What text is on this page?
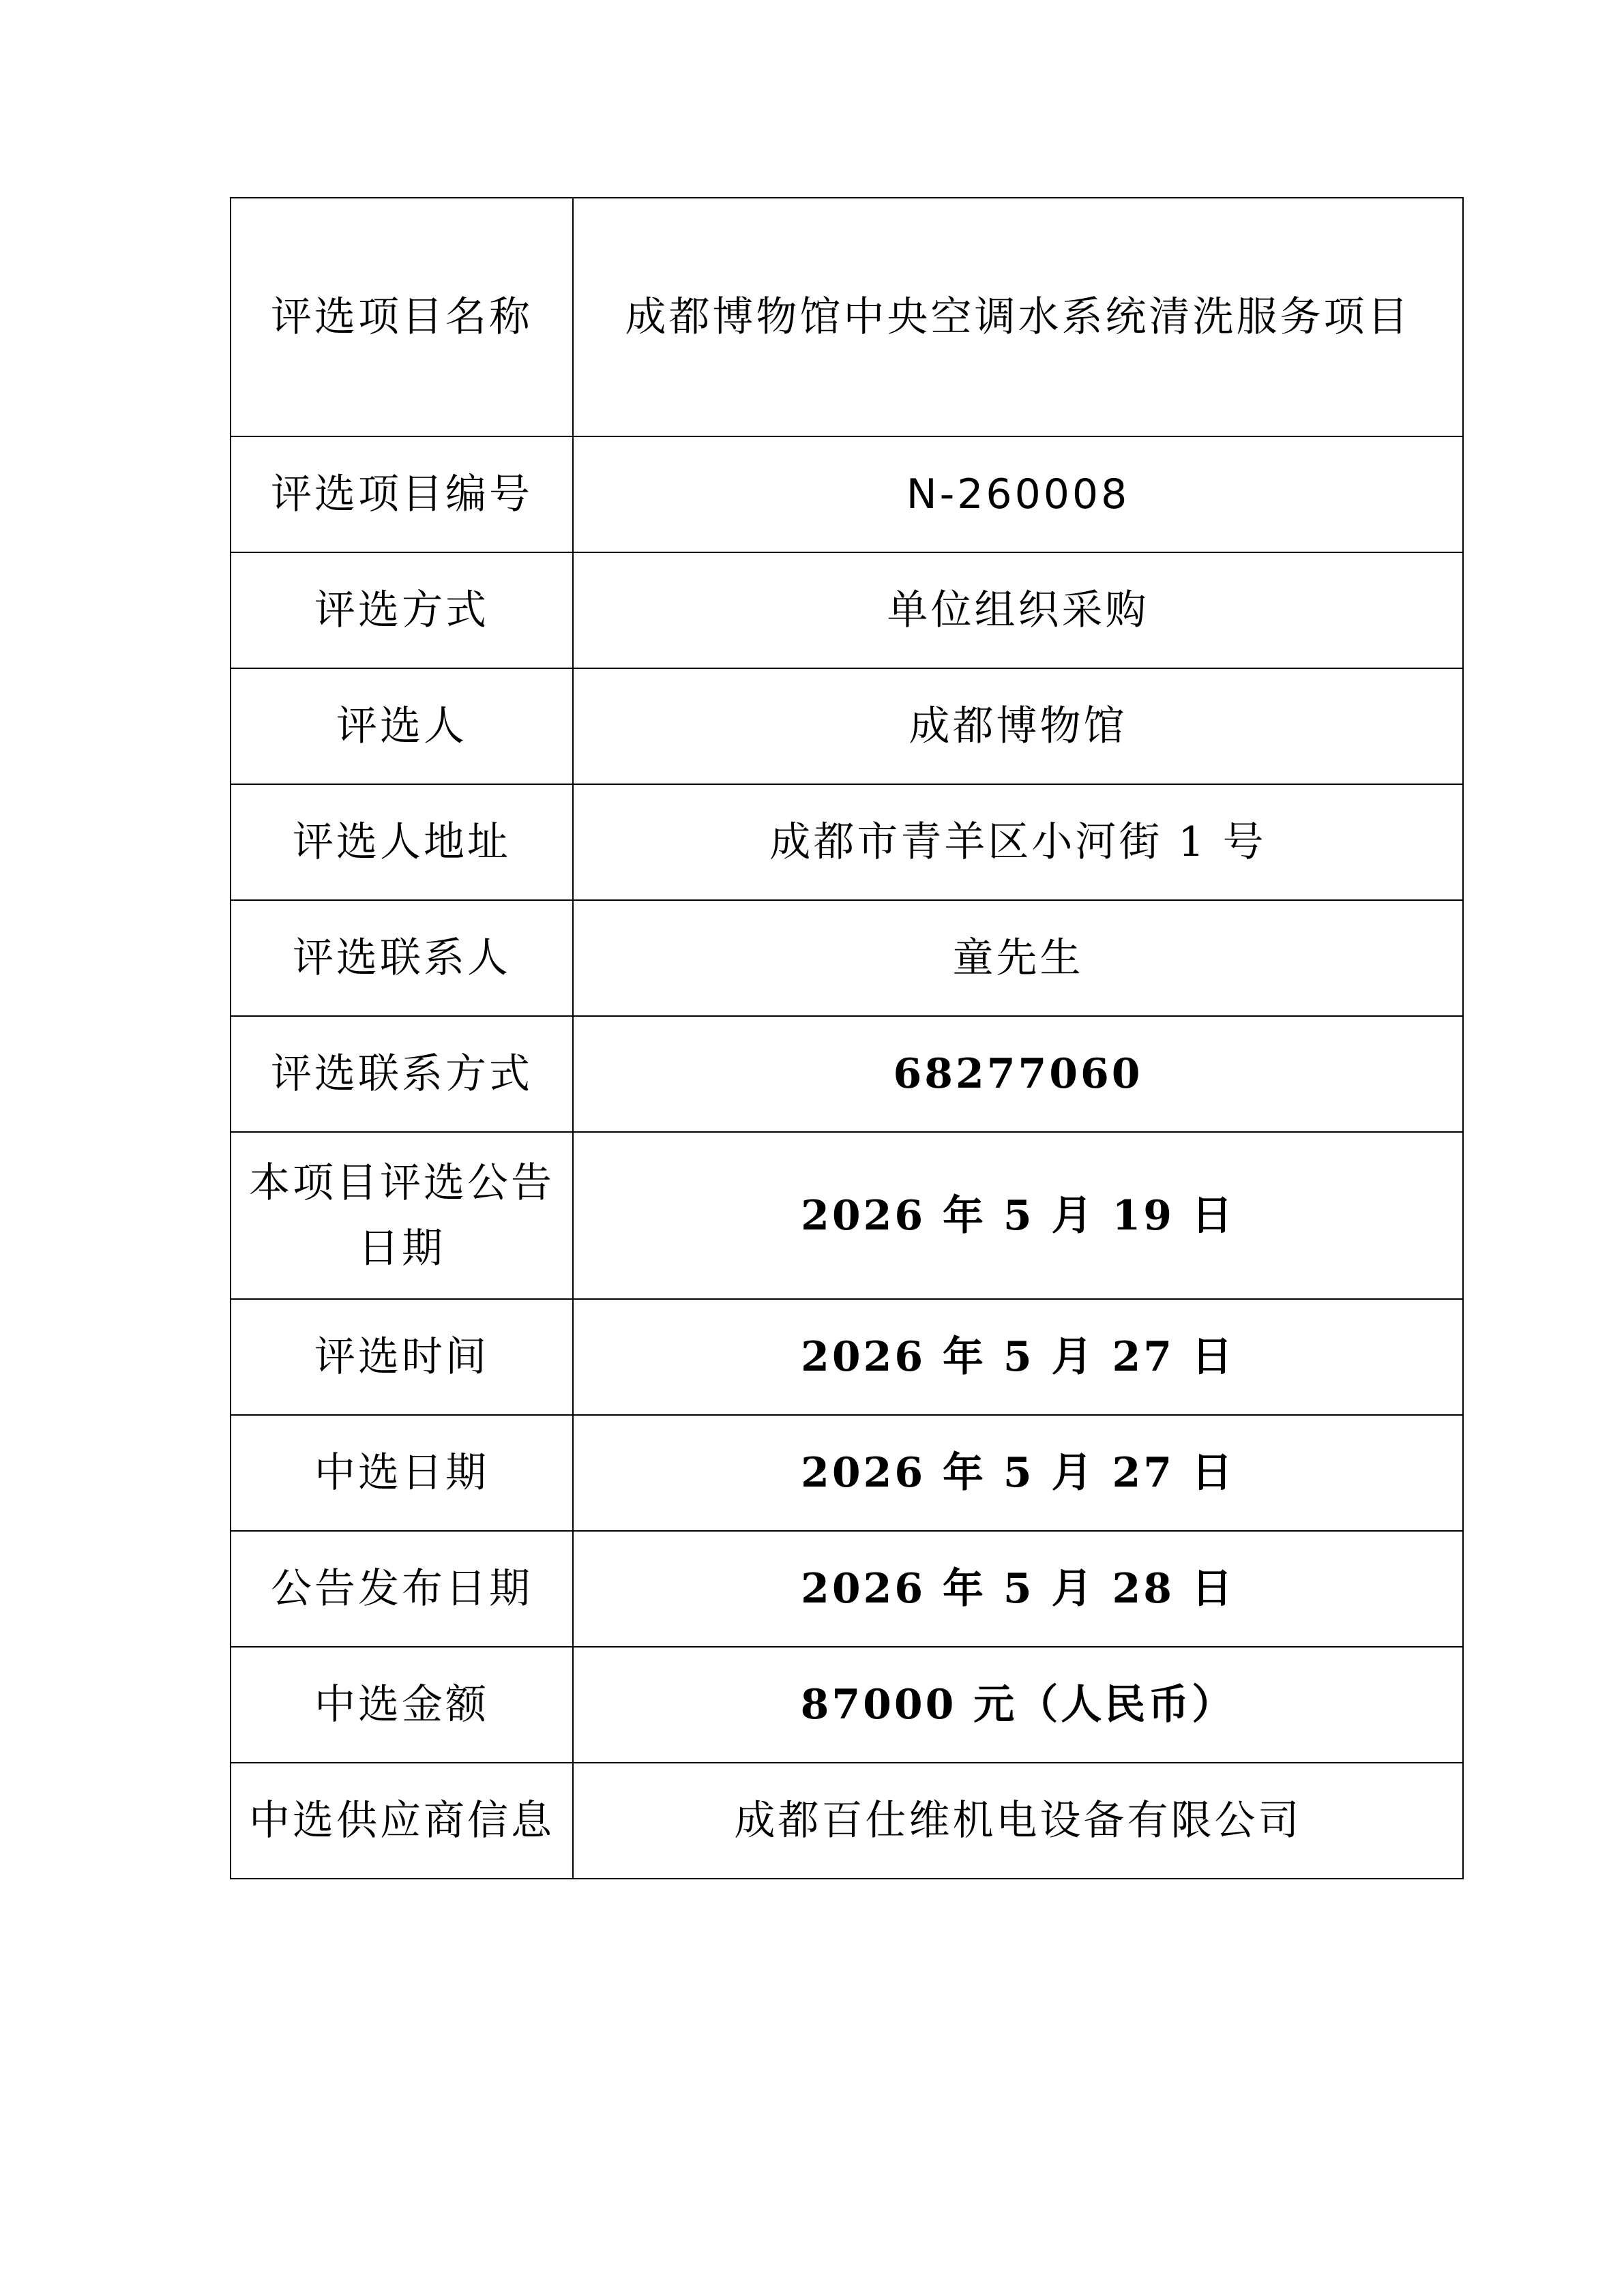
评选项目名称	成都博物馆中央空调水系统清洗服务项目
评选项目编号	N-260008
评选方式	单位组织采购
评选人	成都博物馆
评选人地址	成都市青羊区小河街 1 号
评选联系人	童先生
评选联系方式	68277060
本项目评选公告日期	2026 年 5 月 19 日
评选时间	2026 年 5 月 27 日
中选日期	2026 年 5 月 27 日
公告发布日期	2026 年 5 月 28 日
中选金额	87000 元（人民币）
中选供应商信息	成都百仕维机电设备有限公司
